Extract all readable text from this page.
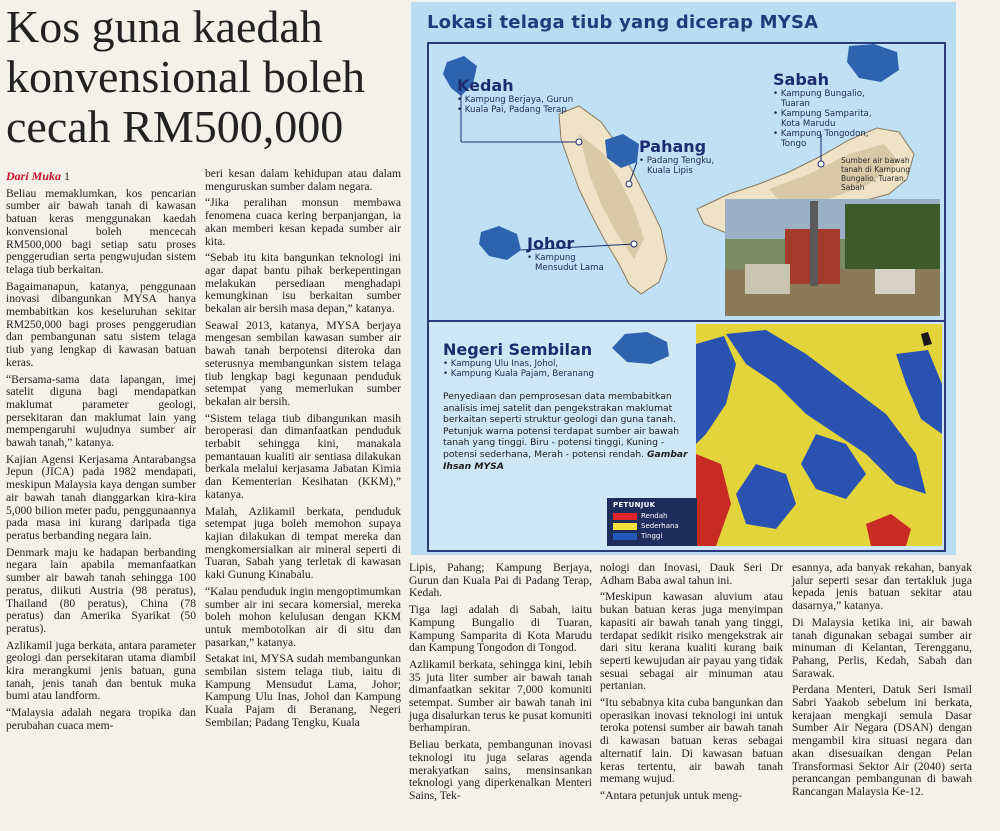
Kos guna kaedah
konvensional boleh
cecah RM500,000
Dari Muka 1

Beliau memaklumkan, kos pencarian sumber air bawah tanah di kawasan batuan keras menggunakan kaedah konvensional boleh mencecah RM500,000 bagi setiap satu proses penggerudian serta pengwujudan sistem telaga tiub berkaitan.

Bagaimanapun, katanya, penggunaan inovasi dibangunkan MYSA hanya membabitkan kos keseluruhan sekitar RM250,000 bagi proses penggerudian dan pembangunan satu sistem telaga tiub yang lengkap di kawasan batuan keras.

“Bersama-sama data lapangan, imej satelit diguna bagi mendapatkan maklumat parameter geologi, persekitaran dan maklumat lain yang mempengaruhi wujudnya sumber air bawah tanah,” katanya.

Kajian Agensi Kerjasama Antarabangsa Jepun (JICA) pada 1982 mendapati, meskipun Malaysia kaya dengan sumber air bawah tanah dianggarkan kira-kira 5,000 bilion meter padu, penggunaannya pada masa ini kurang daripada tiga peratus berbanding negara lain.

Denmark maju ke hadapan berbanding negara lain apabila memanfaatkan sumber air bawah tanah sehingga 100 peratus, diikuti Austria (98 peratus), Thailand (80 peratus), China (78 peratus) dan Amerika Syarikat (50 peratus).

Azlikamil juga berkata, antara parameter geologi dan persekitaran utama diambil kira merangkumi jenis batuan, guna tanah, jenis tanah dan bentuk muka bumi atau landform.

“Malaysia adalah negara tropika dan perubahan cuaca mem-

beri kesan dalam kehidupan atau dalam menguruskan sumber dalam negara.

“Jika peralihan monsun membawa fenomena cuaca kering berpanjangan, ia akan memberi kesan kepada sumber air kita.

“Sebab itu kita bangunkan teknologi ini agar dapat bantu pihak berkepentingan melakukan persediaan menghadapi kemungkinan isu berkaitan sumber bekalan air bersih masa depan,” katanya.

Seawal 2013, katanya, MYSA berjaya mengesan sembilan kawasan sumber air bawah tanah berpotensi diteroka dan seterusnya membangunkan sistem telaga tiub lengkap bagi kegunaan penduduk setempat yang memerlukan sumber bekalan air bersih.

“Sistem telaga tiub dibangunkan masih beroperasi dan dimanfaatkan penduduk terbabit sehingga kini, manakala pemantauan kualiti air sentiasa dilakukan berkala melalui kerjasama Jabatan Kimia dan Kementerian Kesihatan (KKM),” katanya.

Malah, Azlikamil berkata, penduduk setempat juga boleh memohon supaya kajian dilakukan di tempat mereka dan mengkomersialkan air mineral seperti di Tuaran, Sabah yang terletak di kawasan kaki Gunung Kinabalu.

“Kalau penduduk ingin mengoptimumkan sumber air ini secara komersial, mereka boleh mohon kelulusan dengan KKM untuk membotolkan air di situ dan pasarkan,” katanya.

Setakat ini, MYSA sudah membangunkan sembilan sistem telaga tiub, iaitu di Kampung Mensudut Lama, Johor; Kampung Ulu Inas, Johol dan Kampung Kuala Pajam di Beranang, Negeri Sembilan; Padang Tengku, Kuala

Lipis, Pahang; Kampung Berjaya, Gurun dan Kuala Pai di Padang Terap, Kedah.

Tiga lagi adalah di Sabah, iaitu Kampung Bungalio di Tuaran, Kampung Samparita di Kota Marudu dan Kampung Tongodon di Tongod.

Azlikamil berkata, sehingga kini, lebih 35 juta liter sumber air bawah tanah dimanfaatkan sekitar 7,000 komuniti setempat. Sumber air bawah tanah ini juga disalurkan terus ke pusat komuniti berhampiran.

Beliau berkata, pembangunan inovasi teknologi itu juga selaras agenda merakyatkan sains, mensinsankan teknologi yang diperkenalkan Menteri Sains, Tek-

nologi dan Inovasi, Dauk Seri Dr Adham Baba awal tahun ini.

“Meskipun kawasan aluvium atau bukan batuan keras juga menyimpan kapasiti air bawah tanah yang tinggi, terdapat sedikit risiko mengekstrak air dari situ kerana kualiti kurang baik seperti kewujudan air payau yang tidak sesuai sebagai air minuman atau pertanian.

“Itu sebabnya kita cuba bangunkan dan operasikan inovasi teknologi ini untuk teroka potensi sumber air bawah tanah di kawasan batuan keras sebagai alternatif lain. Di kawasan batuan keras tertentu, air bawah tanah memang wujud.

“Antara petunjuk untuk meng-

esannya, ada banyak rekahan, banyak jalur seperti sesar dan tertakluk juga kepada jenis batuan sekitar atau dasarnya,” katanya.

Di Malaysia ketika ini, air bawah tanah digunakan sebagai sumber air minuman di Kelantan, Terengganu, Pahang, Perlis, Kedah, Sabah dan Sarawak.

Perdana Menteri, Datuk Seri Ismail Sabri Yaakob sebelum ini berkata, kerajaan mengkaji semula Dasar Sumber Air Negara (DSAN) dengan mengambil kira situasi negara dan akan disesuaikan dengan Pelan Transformasi Sektor Air (2040) serta perancangan pembangunan di bawah Rancangan Malaysia Ke-12.

Lokasi telaga tiub yang dicerap MYSA
Kedah
• Kampung Berjaya, Gurun
• Kuala Pai, Padang Terap
Pahang
• Padang Tengku,
Kuala Lipis
Sabah
• Kampung Bungalio,
Tuaran
• Kampung Samparita,
Kota Marudu
• Kampung Tongodon,
Tongo
Johor
• Kampung
Mensudut Lama
Sumber air bawah
tanah di Kampung
Bungalio, Tuaran,
Sabah
Negeri Sembilan
• Kampung Ulu Inas, Johol,
• Kampung Kuala Pajam, Beranang
Penyediaan dan pemprosesan data membabitkan analisis imej satelit dan pengekstrakan maklumat berkaitan seperti struktur geologi dan guna tanah. Petunjuk warna potensi terdapat sumber air bawah tanah yang tinggi. Biru - potensi tinggi, Kuning - potensi sederhana, Merah - potensi rendah. Gambar Ihsan MYSA
PETUNJUK
Rendah
Sederhana
Tinggi
